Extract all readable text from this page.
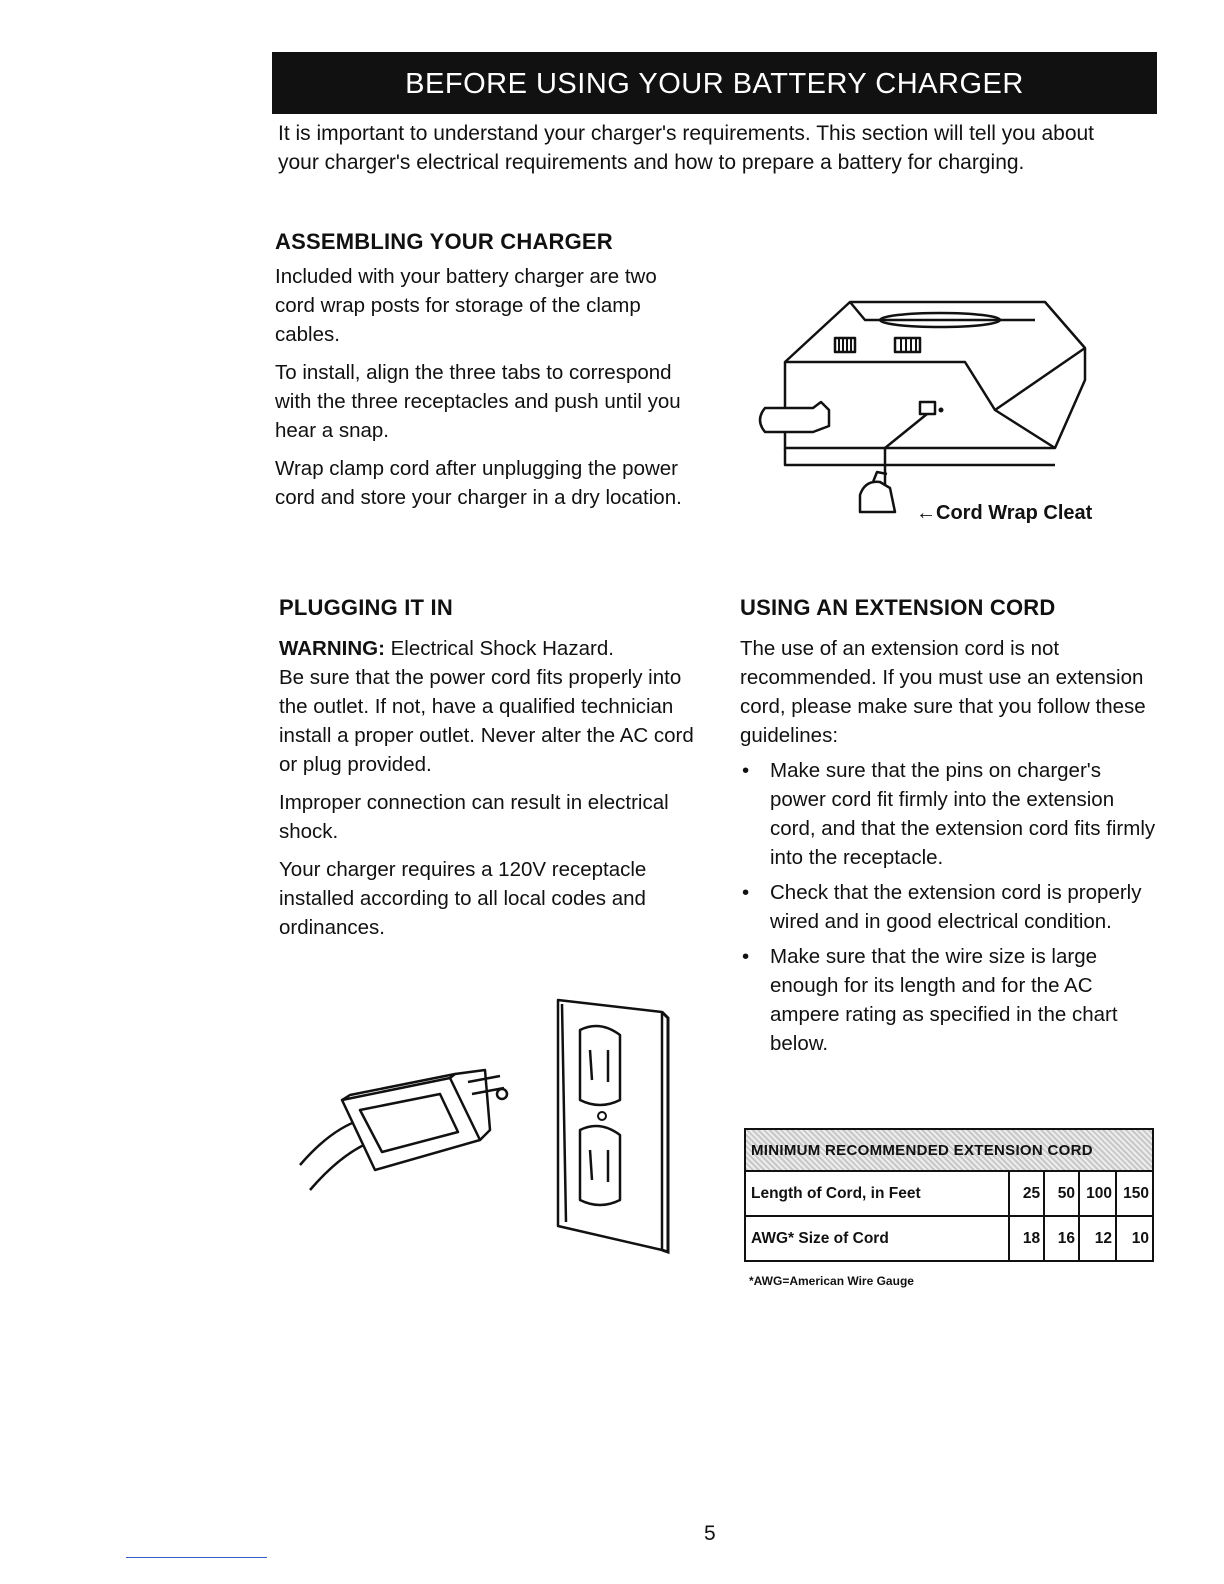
BEFORE USING YOUR BATTERY CHARGER

It is important to understand your charger's requirements. This section will tell you about your charger's electrical requirements and how to prepare a battery for charging.

ASSEMBLING YOUR CHARGER

Included with your battery charger are two cord wrap posts for storage of the clamp cables.

To install, align the three tabs to correspond with the three receptacles and push until you hear a snap.

Wrap clamp cord after unplugging the power cord and store your charger in a dry location.

←Cord Wrap Cleat
PLUGGING IT IN

WARNING: Electrical Shock Hazard.
Be sure that the power cord fits properly into the outlet. If not, have a qualified technician install a proper outlet. Never alter the AC cord or plug provided.

Improper connection can result in electrical shock.

Your charger requires a 120V receptacle installed according to all local codes and ordinances.

USING AN EXTENSION CORD

The use of an extension cord is not recommended. If you must use an extension cord, please make sure that you follow these guidelines:

• Make sure that the pins on charger's power cord fit firmly into the extension cord, and that the extension cord fits firmly into the receptacle.
• Check that the extension cord is properly wired and in good electrical condition.
• Make sure that the wire size is large enough for its length and for the AC ampere rating as specified in the chart below.
MINIMUM RECOMMENDED EXTENSION CORD				
Length of Cord, in Feet	25	50	100	150
AWG* Size of Cord	18	16	12	10
*AWG=American Wire Gauge
5
